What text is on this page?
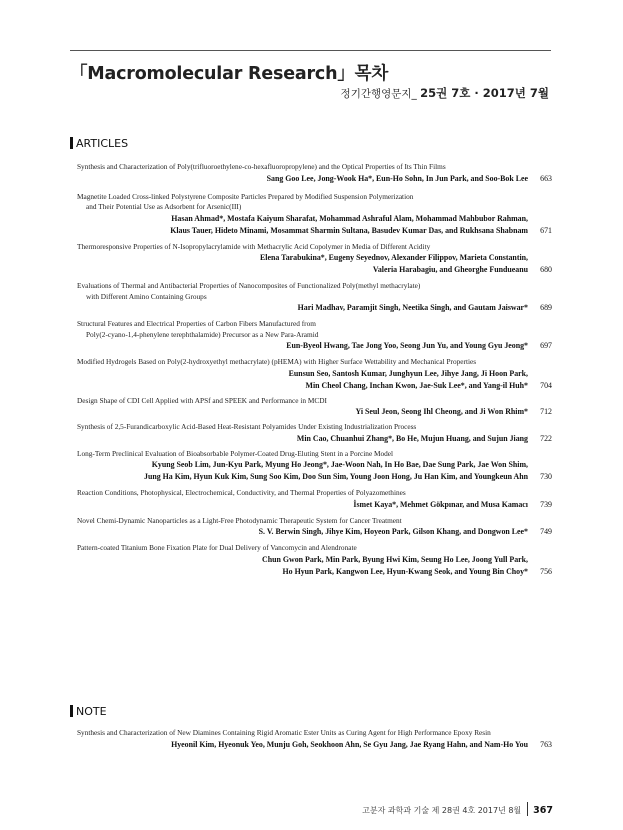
「Macromolecular Research」목차
정기간행영문지_ 25권 7호 · 2017년 7월
ARTICLES
Synthesis and Characterization of Poly(trifluoroethylene-co-hexafluoropropylene) and the Optical Properties of Its Thin Films
Sang Goo Lee, Jong-Wook Ha*, Eun-Ho Sohn, In Jun Park, and Soo-Bok Lee	663
Magnetite Loaded Cross-linked Polystyrene Composite Particles Prepared by Modified Suspension Polymerization
and Their Potential Use as Adsorbent for Arsenic(III)
Hasan Ahmad*, Mostafa Kaiyum Sharafat, Mohammad Ashraful Alam, Mohammad Mahbubor Rahman,
Klaus Tauer, Hideto Minami, Mosammat Sharmin Sultana, Basudev Kumar Das, and Rukhsana Shabnam	671
Thermoresponsive Properties of N-Isopropylacrylamide with Methacrylic Acid Copolymer in Media of Different Acidity
Elena Tarabukina*, Eugeny Seyednov, Alexander Filippov, Marieta Constantin,
Valeria Harabagiu, and Gheorghe Fundueanu	680
Evaluations of Thermal and Antibacterial Properties of Nanocomposites of Functionalized Poly(methyl methacrylate)
with Different Amino Containing Groups
Hari Madhav, Paramjit Singh, Neetika Singh, and Gautam Jaiswar*	689
Structural Features and Electrical Properties of Carbon Fibers Manufactured from
Poly(2-cyano-1,4-phenylene terephthalamide) Precursor as a New Para-Aramid
Eun-Byeol Hwang, Tae Jong Yoo, Seong Jun Yu, and Young Gyu Jeong*	697
Modified Hydrogels Based on Poly(2-hydroxyethyl methacrylate) (pHEMA) with Higher Surface Wettability and Mechanical Properties
Eunsun Seo, Santosh Kumar, Junghyun Lee, Jihye Jang, Ji Hoon Park,
Min Cheol Chang, Inchan Kwon, Jae-Suk Lee*, and Yang-il Huh*	704
Design Shape of CDI Cell Applied with APSf and SPEEK and Performance in MCDI
Yi Seul Jeon, Seong Ihl Cheong, and Ji Won Rhim*	712
Synthesis of 2,5-Furandicarboxylic Acid-Based Heat-Resistant Polyamides Under Existing Industrialization Process
Min Cao, Chuanhui Zhang*, Bo He, Mujun Huang, and Sujun Jiang	722
Long-Term Preclinical Evaluation of Bioabsorbable Polymer-Coated Drug-Eluting Stent in a Porcine Model
Kyung Seob Lim, Jun-Kyu Park, Myung Ho Jeong*, Jae-Woon Nah, In Ho Bae, Dae Sung Park, Jae Won Shim,
Jung Ha Kim, Hyun Kuk Kim, Sung Soo Kim, Doo Sun Sim, Young Joon Hong, Ju Han Kim, and Youngkeun Ahn	730
Reaction Conditions, Photophysical, Electrochemical, Conductivity, and Thermal Properties of Polyazomethines
İsmet Kaya*, Mehmet Gökpınar, and Musa Kamacı	739
Novel Chemi-Dynamic Nanoparticles as a Light-Free Photodynamic Therapeutic System for Cancer Treatment
S. V. Berwin Singh, Jihye Kim, Hoyeon Park, Gilson Khang, and Dongwon Lee*	749
Pattern-coated Titanium Bone Fixation Plate for Dual Delivery of Vancomycin and Alendronate
Chun Gwon Park, Min Park, Byung Hwi Kim, Seung Ho Lee, Joong Yull Park,
Ho Hyun Park, Kangwon Lee, Hyun-Kwang Seok, and Young Bin Choy*	756
NOTE
Synthesis and Characterization of New Diamines Containing Rigid Aromatic Ester Units as Curing Agent for High Performance Epoxy Resin
Hyeonil Kim, Hyeonuk Yeo, Munju Goh, Seokhoon Ahn, Se Gyu Jang, Jae Ryang Hahn, and Nam-Ho You	763
고분자 과학과 기술 제 28권 4호 2017년 8월 367
